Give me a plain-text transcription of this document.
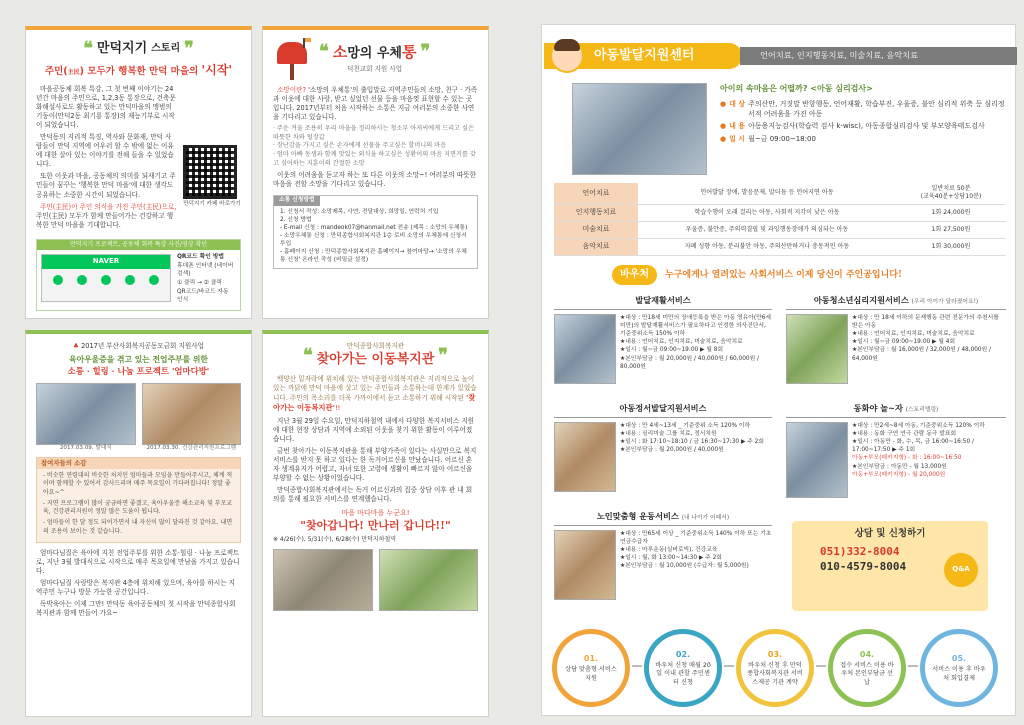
❝ 만덕지기 스토리 ❞
주민(主民) 모두가 행복한 만덕 마을의 '시작'

마을공동체 회복 특강, 그 첫 번째 이야기는 24년간 마을의 주민으로, 1,2,3동 통장으로, 건축문화해설사로도 활동하고 있는 만덕마을의 맹범의 기둥이(만덕2동 최기룡 통장)의 재능기부로 시작이 되었습니다.

만덕동의 지리적 특징, 역사와 문화재, 만덕 사람들이 만덕 지역에 어우러 할 수 밖에 없는 이유에 대한 살아 있는 이야기를 전해 들을 수 있었습니다.

또한 이웃과 마을, 공동체의 의미를 되새기고 주민들이 꿈꾸는 '행복한 만덕 마을'에 대한 생각도 공유하는 소중한 시간이 되었습니다.

주민(主民)이 주인 의식을 가진 주민(主民)으로, 주민(主民) 모두가 함께 만들어가는 건강하고 행복한 만덕 마을을 기대합니다.

만덕지기 카페 바로가기
만덕지기 프로젝트, 공동체 회복 특강 사진/영상 확인
NAVER	QR코드 확인 방법
휴대폰 인터넷 (네이버 검색)
① 클릭 → ② 클릭
QR코드/바코드 자동 인식
❝ 소망의 우체통 ❞
덕천교회 지원 사업

소망이란? '소망의 우체통'의 출입말로 지역주민들의 소망, 친구 · 가족과 이웃에 대한 사랑, 받고 싶었던 선물 등을 마음껏 표현할 수 있는 곳입니다. 2017년부터 처음 시작하는 소통은 지금 여러분의 소중한 사연을 기다리고 있습니다.

· 주운 겨울 조용히 우리 마을을 정리하시는 청소부 아저씨에게 드리고 싶은 따뜻한 차와 털장갑
· 장난감을 가지고 싶은 손자에게 선물을 주고싶은 할머니의 마음
· 엄마 아빠 동생과 함께 맛있는 외식을 하고싶은 성환이의 마음 지면거를 갖고 싶어하는 지훈이의 간절한 소망

이웃의 어려움을 듣고자 하는 또 다른 이웃의 소망~! 여러분의 따뜻한 마음을 전할 소망을 기다리고 있습니다.

소통 신청방법
1. 신청서 작성: 소망제목, 사연, 전달대상, 희망일, 연락처 기입
2. 신청 방법
- E-mail 신청 : mandeok07@hanmail.net 전송 (제목 : 소망의 우체통)
- 소망우체통 신청 : 만덕종합사회복지관 1층 로비 소망의 우체통에 신청서 투입
- 홈페이지 신청 : 만덕종합사회복지관 홈페이지→ 참여마당→ '소망의 우체통 신청' 온라인 작성 (비밀글 설정)
♣ 2017년 부산사회복지공동모금회 지원사업
육아우울증을 겪고 있는 전업주부를 위한
소통 · 힐링 · 나눔 프로젝트 '엄마다방'
2017.03.09. 발대식	2017.03.30. 건강관리지원프로그램
참여자들의 소감
- 비슷한 연령대의 비슷한 처지인 엄마들과 모임을 만들어주시고, 체계 적이며 함께할 수 있어서 감사드리며 매주 목요일이 기다려집니다! 정말 좋아요~^
- 지면 프로그램이 많이 궁금하면 좋겠고, 육아우울증 해소교육 및 부모교육, 건강관리지원이 정말 많은 도움이 됩니다.
- 엄마들이 한 달 정도 되어가면서 내 자신이 많이 달라진 것 같아요. 내면의 조용이 보이는 것 같습니다.

엄마다님질은 육아에 지친 전업주부를 위한 소통·힐링 · 나눔 프로젝트로, 지난 3월 발대식으로 시작으로 매주 목요일에 만남을 가지고 있습니다.

엄마다님질 사랑방은 복지관 4층에 위치해 있으며, 육아를 하시는 지역주민 누구나 방문 가능한 공간입니다.

독박육아는 이제 그만! 만덕동 육아공동체의 첫 시작을 만덕종합사회복지관과 함께 만들어 가요~

❝	만덕종합사회복지관
찾아가는 이동복지관 ❞

백양산 밑자락에 위치해 있는 만덕종합사회복지관은 지리적으로 높이 있는 까닭에 만덕 마을에 살고 있는 주민들과 소통하는데 한계가 있었습니다. 주민의 목소리를 더욱 가까이에서 듣고 소통하기 위해 시작된 '찾아가는 이동복지관'!!

지난 3월 29일 수요일, 만덕지하철역 내에서 다양한 복지서비스 지원에 대한 현장 상담과 지역에 소외된 이웃을 찾기 위한 활동이 이루어졌습니다.

금번 찾아가는 이동복지관을 통해 부양가족이 있다는 사실만으로 복지서비스를 받지 못 하고 있다는 한 독거어르신을 만났습니다. 어르신 혼자 생계유지가 어렵고, 자녀 또한 고령에 생활이 빠르지 않아 어르신을 부양할 수 없는 상황이었습니다.

만덕종합사회복지관에서는 독거 어르신과의 집중 상담 이후 관 내 회의를 통해 필요한 서비스를 연계했습니다.

마을 마다마을 누군요!
"찾아갑니다! 만나러 갑니다!!"
※ 4/26(수), 5/31(수), 6/28(수) 만덕지하철역
아동발달지원센터	언어치료, 인지행동치료, 미술치료, 음악치료
아이의 속마음은 어떨까? <아동 심리검사>
● 대 상 주의산만, 거짓말 반항행동, 언어재활, 학습부진, 우울증, 불안 심리적 위축 등 심리정서적 어려움을 가진 아동
● 내 용 아동용지능검사(학습력 검사 k-wisc), 아동종합심리검사 및 부모양육태도검사
● 일 시 월~금 09:00~18:00
언어치료	언어발달 장애, 발음문제, 말더듬 등 언어지연 아동	일반치료 50분
(교육40분+상담10분)
인지행동치료	학습수행이 오래 걸리는 아동, 사회적 지각이 낮은 아동	1회 24,000원
미술치료	우울증, 불안증, 주의력결핍 및 과잉행동장애가 의심되는 아동	1회 27,500원
음악치료	자폐 성향 아동, 분리불안 아동, 주의산만하거나 충동적인 아동	1회 30,000원
바우처	누구에게나 열려있는 사회서비스 이제 당신이 주인공입니다!
발달재활서비스
★대상 : 만18세 미만의 장애등록을 받은 아동 영유아(만6세 미만)의 발달재활서비스가 필요하다고 인정한 의사진단서, 기준중위소득 150% 이하
★내용 : 언어치료, 인지치료, 미술치료, 음악치료
★일시 : 월~금 09:00~19:00 ▶ 월 8회
★본인부담금 : 월 20,000원 / 40,000원 / 60,000원 / 80,000원
아동청소년심리지원서비스 (우리 아이가 달라졌어요!)
★대상 : 만 18세 이하의 문제행동 관련 전문가의 추천서를 받은 아동
★내용 : 언어치료, 인지치료, 미술치료, 음악치료
★일시 : 월~금 09:00~19:00 ▶ 월 4회
★본인부담금 : 월 16,000원 / 32,000원 / 48,000원 / 64,000원
아동정서발달지원서비스
★대상 : 만 4세~13세 _ 기준중위 소득 120% 이하
★내용 : 심리미술 그룹 치료, 정서치원
★일시 : 화 17:10~18:10 / 금 16:30~17:30 ▶ 주 2회
★본인부담금 : 월 20,000원 / 40,000원
동화야 놀~자 (스토리텔링)
★대상 : 만2세~8세 아동, 기준중위소득 120% 이하
★내용 : 동화 구연 연극 관람 동극 발표회
★일시 : 아동만 - 화, 수, 목, 금 16:00~16:50 / 17:00~17:50 ▶ 주 1회
아동+부모(패키지형) - 화 : 16:00~16:50
★본인부담금 : 아동만 - 월 13,000원
아동+부모(패키지형) - 월 20,000원
노인맞춤형 운동서비스 (내 나이가 어때서)
★대상 : 만65세 이상 _ 기준중위소득 140% 이하 또는 기초연금수급자
★내용 : 마루운동(실버로빅), 건강교육
★일시 : 월, 화 13:00~14:30 ▶ 주 2회
★본인부담금 : 월 10,000원 (수급자: 월 5,000원)
상담 및 신청하기
051)332-8004
010-4579-8004	Q&A
01.
상담 맞춤형 서비스 지원
02.
바우처 신청 매월 20일 이내 관할 주민센터 신청
03.
바우처 신청 후 만덕종합사회복지관 서비스제공 기관 계약
04.
접수 서비스 이용 바우처 본인부담금 선납
05.
서비스 이용 후 바우처 회입결제
